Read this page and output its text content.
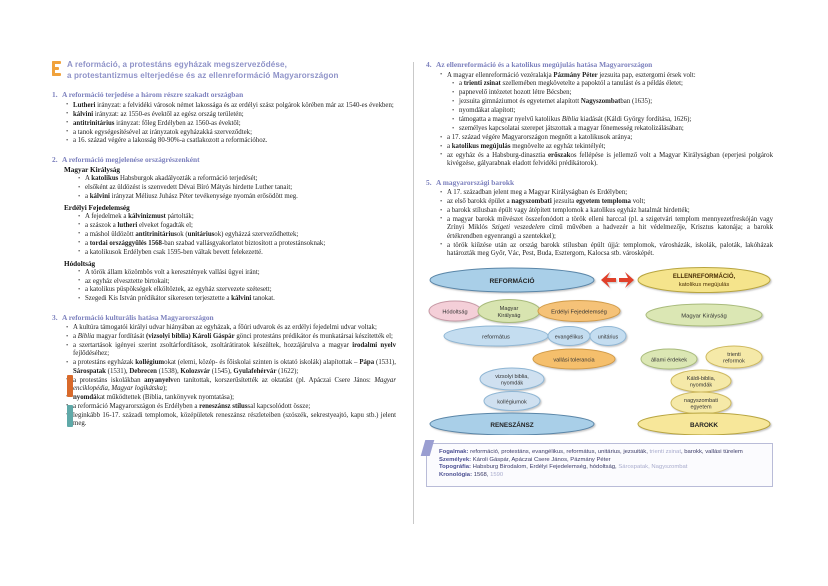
A reformáció, a protestáns egyházak megszerveződése,
a protestantizmus elterjedése és az ellenreformáció Magyarországon
1. A reformáció terjedése a három részre szakadt országban
• Lutheri irányzat: a felvidéki városok német lakossága és az erdélyi szász polgárok körében már az 1540-es években;
• kálvini irányzat: az 1550-es évektől az egész ország területén;
• antitrinitárius irányzat: főleg Erdélyben az 1560-as évektől;
• a tanok egységesítésével az irányzatok egyházakká szerveződtek;
• a 16. század végére a lakosság 80-90%-a csatlakozott a reformációhoz.
2. A reformáció megjelenése országrészenként
Magyar Királyság
• A katolikus Habsburgok akadályozták a reformáció terjedését;
• elsőként az üldözést is szenvedett Dévai Bíró Mátyás hirdette Luther tanait;
• a kálvini irányzat Méliusz Juhász Péter tevékenysége nyomán erősödött meg.
Erdélyi Fejedelemség
• A fejedelmek a kálvinizmust pártolták;
• a szászok a lutheri elveket fogadták el;
• a máshol üldözött antitrinitáriusok (unitáriusok) egyházzá szerveződhettek;
• a tordai országgyűlés 1568-ban szabad vallásgyakorlatot biztosított a protestánsoknak;
• a katolikusok Erdélyben csak 1595-ben váltak bevett felekezetté.
Hódoltság
• A török állam közömbös volt a keresztények vallási ügyei iránt;
• az egyház elvesztette birtokait;
• a katolikus püspökségek elköltöztek, az egyház szervezete szétesett;
• Szegedi Kis István prédikátor sikeresen terjesztette a kálvini tanokat.
3. A reformáció kulturális hatása Magyarországon
• A kultúra támogatói királyi udvar hiányában az egyházak, a főúri udvarok és az erdélyi fejedelmi udvar voltak;
• a Biblia magyar fordítását (vizsolyi biblia) Károli Gáspár gönci protestáns prédikátor és munkatársai készítették el;
• a szertartások igényei szerint zsoltárfordítások, zsoltárátiratok készültek, hozzájárulva a magyar irodalmi nyelv fejlődéséhez;
• a protestáns egyházak kollégiumokat (elemi, közép- és főiskolai szinten is oktató iskolák) alapítottak – Pápa (1531), Sárospatak (1531), Debrecen (1538), Kolozsvár (1545), Gyulafehérvár (1622);
• a protestáns iskolákban anyanyelven tanítottak, korszerűsítették az oktatást (pl. Apáczai Csere János: Magyar enciklopédia, Magyar logikátska);
• nyomdákat működtettek (Biblia, tankönyvek nyomtatása);
• a reformáció Magyarországon és Erdélyben a reneszánsz stílussal kapcsolódott össze;
• leginkább 16-17. századi templomok, középületek reneszánsz részleteiben (szószék, sekrestyeajtó, kapu stb.) jelent meg.
4. Az ellenreformáció és a katolikus megújulás hatása Magyarországon
• A magyar ellenreformáció vezéralakja Pázmány Péter jezsuita pap, esztergomi érsek volt:
• a trienti zsinat szellemében megkövetelte a papoktól a tanulást és a példás életet;
• papnevelő intézetet hozott létre Bécsben;
• jezsuita gimnáziumot és egyetemet alapított Nagyszombatban (1635);
• nyomdákat alapított;
• támogatta a magyar nyelvű katolikus Biblia kiadását (Káldi György fordítása, 1626);
• személyes kapcsolatai szerepet játszottak a magyar főnemesség rekatolizálásában;
• a 17. század végére Magyarországon megnőtt a katolikusok aránya;
• a katolikus megújulás megnövelte az egyház tekintélyét;
• az egyház és a Habsburg-dinasztia erőszakos fellépése is jellemző volt a Magyar Királyságban (eperjesi polgárok kivégzése, gályarabnak eladott felvidéki prédikátorok).
5. A magyarországi barokk
• A 17. században jelent meg a Magyar Királyságban és Erdélyben;
• az első barokk épület a nagyszombati jezsuita egyetem temploma volt;
• a barokk stílusban épült vagy átépített templomok a katolikus egyház hatalmát hirdették;
• a magyar barokk művészet összefonódott a török elleni harccal (pl. a szigetvári templom mennyezetfreskóján vagy Zrínyi Miklós Szigeti veszedelem című művében a hadvezér a hit védelmezője, Krisztus katonája; a barokk értékrendben egyenrangú a szentekkel);
• a török kiűzése után az ország barokk stílusban épült újjá: templomok, városházák, iskolák, paloták, lakóházak határozták meg Győr, Vác, Pest, Buda, Esztergom, Kalocsa stb. városképét.
REFORMÁCIÓ
ELLENREFORMÁCIÓ,
katolikus megújulás
Hódoltság
Magyar
Királyság
Erdélyi Fejedelemség
református	evangélikus	unitárius
vallási tolerancia
vizsolyi biblia,
nyomdák
kollégiumok
RENESZÁNSZ
Magyar Királyság
állami érdekek
trienti
reformok
Káldi-biblia,
nyomdák
nagyszombati
egyetem
BAROKK
Fogalmak: reformáció, protestáns, evangélikus, református, unitárius, jezsuiták, trienti zsinat, barokk, vallási türelem
Személyek: Károli Gáspár, Apáczai Csere János, Pázmány Péter
Topográfia: Habsburg Birodalom, Erdélyi Fejedelemség, hódoltság, Sárospatak, Nagyszombat
Kronológia: 1568, 1590
